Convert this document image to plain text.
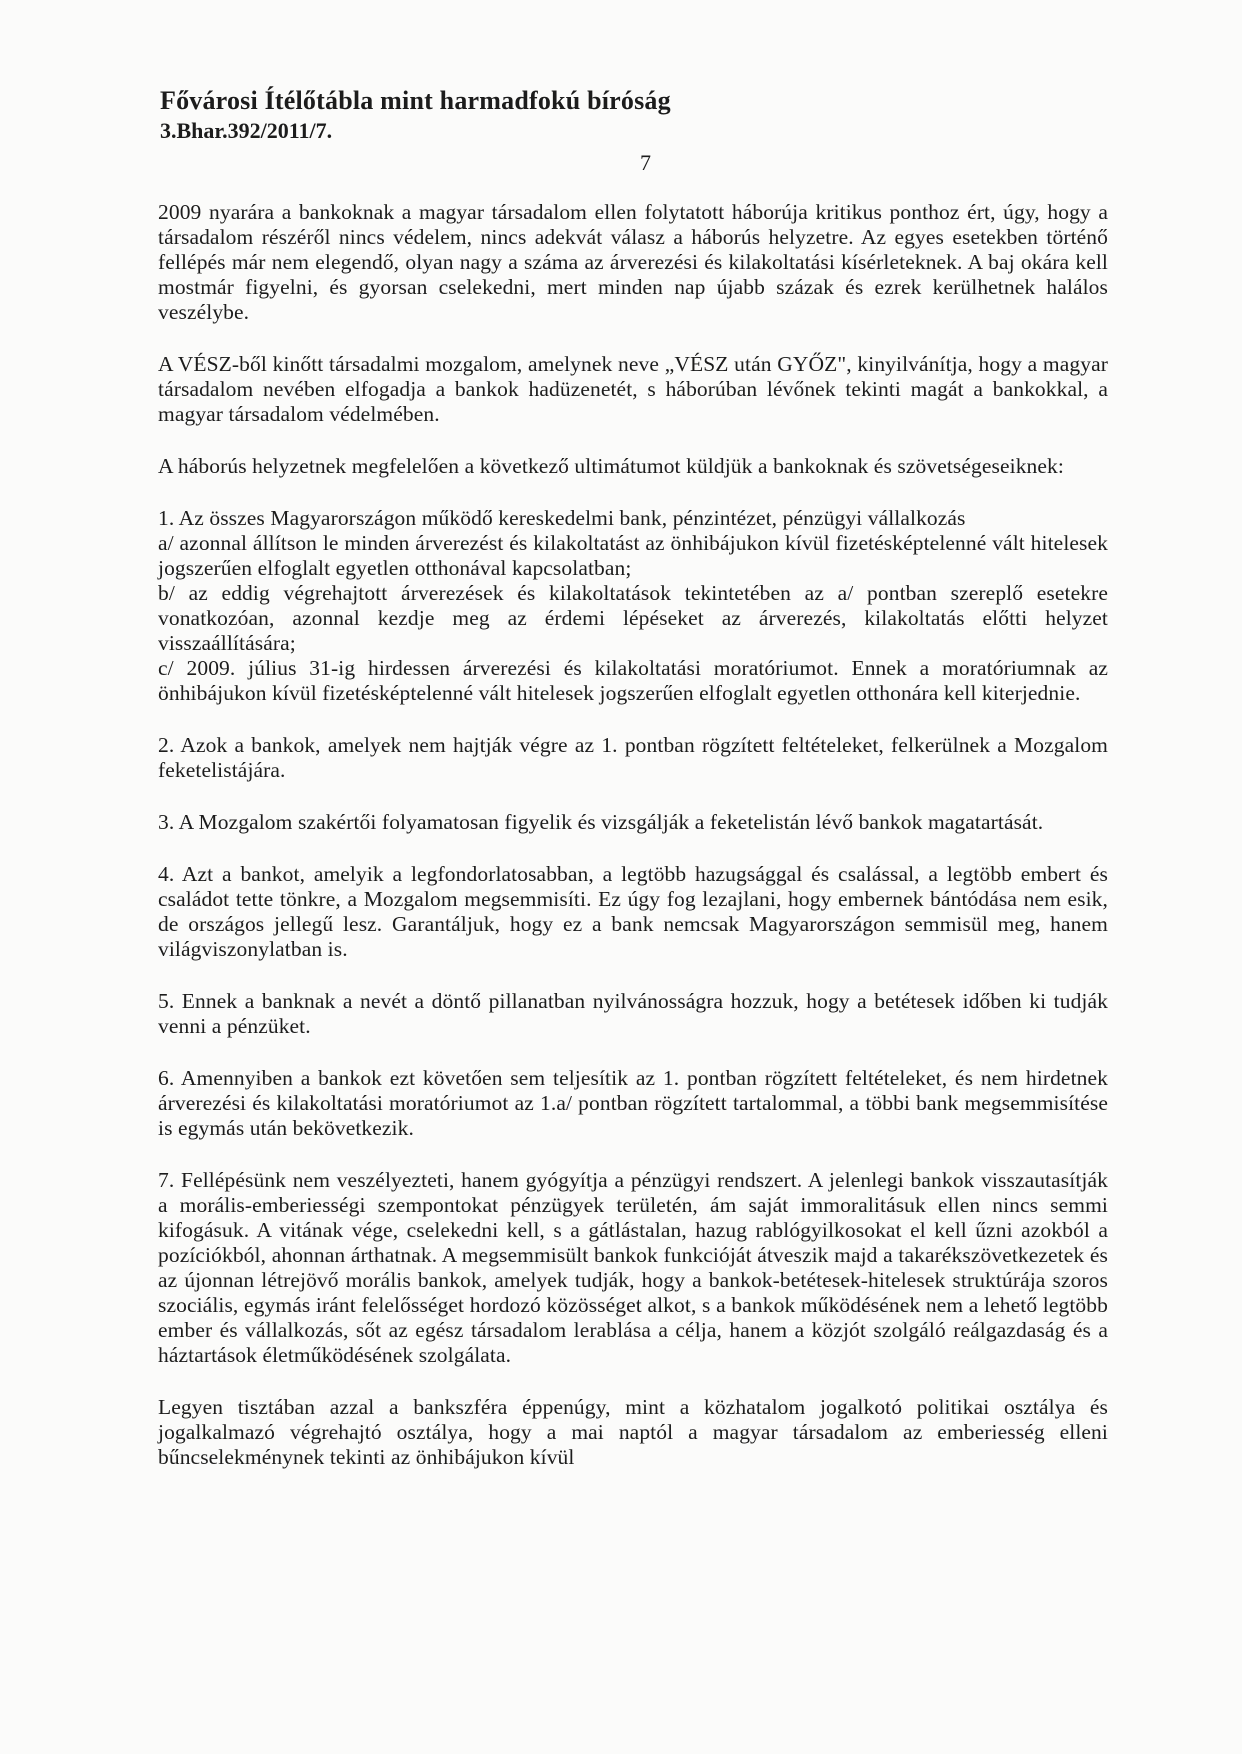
Fővárosi Ítélőtábla mint harmadfokú bíróság
3.Bhar.392/2011/7.
7

2009 nyarára a bankoknak a magyar társadalom ellen folytatott háborúja kritikus ponthoz ért, úgy, hogy a társadalom részéről nincs védelem, nincs adekvát válasz a háborús helyzetre. Az egyes esetekben történő fellépés már nem elegendő, olyan nagy a száma az árverezési és kilakoltatási kísérleteknek. A baj okára kell mostmár figyelni, és gyorsan cselekedni, mert minden nap újabb százak és ezrek kerülhetnek halálos veszélybe.

A VÉSZ-ből kinőtt társadalmi mozgalom, amelynek neve „VÉSZ után GYŐZ", kinyilvánítja, hogy a magyar társadalom nevében elfogadja a bankok hadüzenetét, s háborúban lévőnek tekinti magát a bankokkal, a magyar társadalom védelmében.

A háborús helyzetnek megfelelően a következő ultimátumot küldjük a bankoknak és szövetségeseiknek:

1. Az összes Magyarországon működő kereskedelmi bank, pénzintézet, pénzügyi vállalkozás

a/ azonnal állítson le minden árverezést és kilakoltatást az önhibájukon kívül fizetésképtelenné vált hitelesek jogszerűen elfoglalt egyetlen otthonával kapcsolatban;

b/ az eddig végrehajtott árverezések és kilakoltatások tekintetében az a/ pontban szereplő esetekre vonatkozóan, azonnal kezdje meg az érdemi lépéseket az árverezés, kilakoltatás előtti helyzet visszaállítására;

c/ 2009. július 31-ig hirdessen árverezési és kilakoltatási moratóriumot. Ennek a moratóriumnak az önhibájukon kívül fizetésképtelenné vált hitelesek jogszerűen elfoglalt egyetlen otthonára kell kiterjednie.

2. Azok a bankok, amelyek nem hajtják végre az 1. pontban rögzített feltételeket, felkerülnek a Mozgalom feketelistájára.

3. A Mozgalom szakértői folyamatosan figyelik és vizsgálják a feketelistán lévő bankok magatartását.

4. Azt a bankot, amelyik a legfondorlatosabban, a legtöbb hazugsággal és csalással, a legtöbb embert és családot tette tönkre, a Mozgalom megsemmisíti. Ez úgy fog lezajlani, hogy embernek bántódása nem esik, de országos jellegű lesz. Garantáljuk, hogy ez a bank nemcsak Magyarországon semmisül meg, hanem világviszonylatban is.

5. Ennek a banknak a nevét a döntő pillanatban nyilvánosságra hozzuk, hogy a betétesek időben ki tudják venni a pénzüket.

6. Amennyiben a bankok ezt követően sem teljesítik az 1. pontban rögzített feltételeket, és nem hirdetnek árverezési és kilakoltatási moratóriumot az 1.a/ pontban rögzített tartalommal, a többi bank megsemmisítése is egymás után bekövetkezik.

7. Fellépésünk nem veszélyezteti, hanem gyógyítja a pénzügyi rendszert. A jelenlegi bankok visszautasítják a morális-emberiességi szempontokat pénzügyek területén, ám saját immoralitásuk ellen nincs semmi kifogásuk. A vitának vége, cselekedni kell, s a gátlástalan, hazug rablógyilkosokat el kell űzni azokból a pozíciókból, ahonnan árthatnak. A megsemmisült bankok funkcióját átveszik majd a takarékszövetkezetek és az újonnan létrejövő morális bankok, amelyek tudják, hogy a bankok-betétesek-hitelesek struktúrája szoros szociális, egymás iránt felelősséget hordozó közösséget alkot, s a bankok működésének nem a lehető legtöbb ember és vállalkozás, sőt az egész társadalom lerablása a célja, hanem a közjót szolgáló reálgazdaság és a háztartások életműködésének szolgálata.

Legyen tisztában azzal a bankszféra éppenúgy, mint a közhatalom jogalkotó politikai osztálya és jogalkalmazó végrehajtó osztálya, hogy a mai naptól a magyar társadalom az emberiesség elleni bűncselekménynek tekinti az önhibájukon kívül
